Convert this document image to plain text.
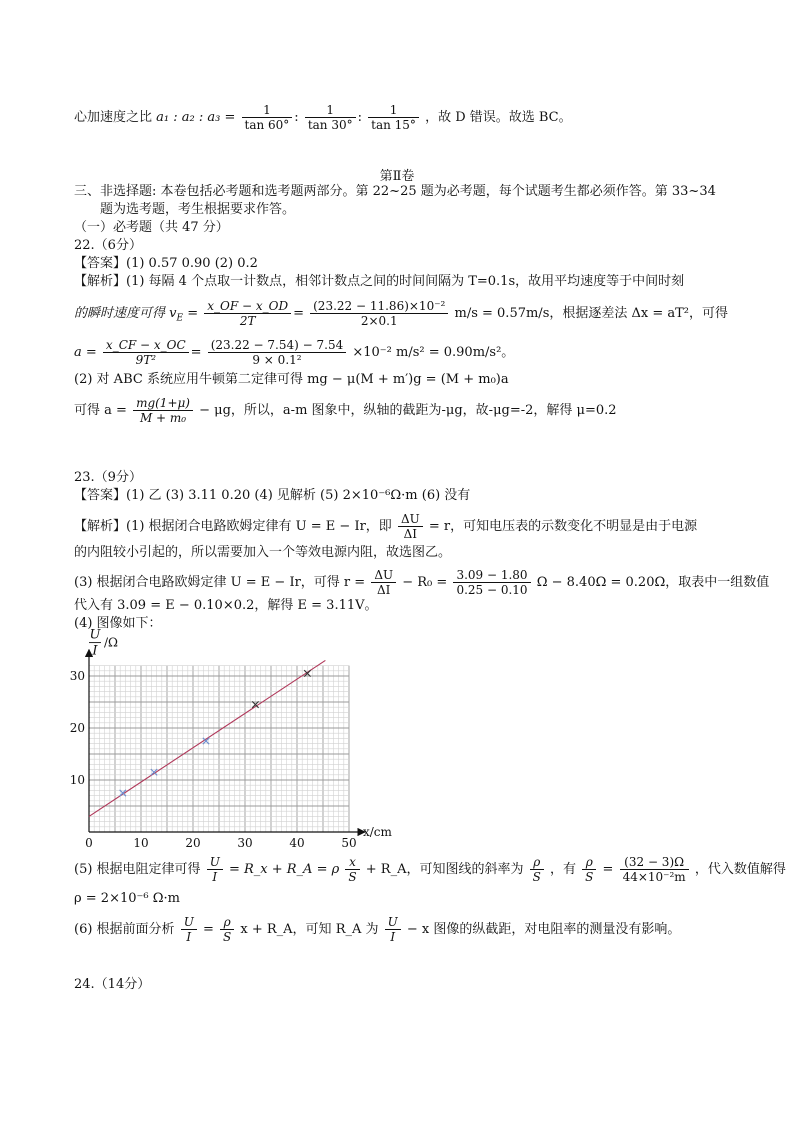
心加速度之比 a₁ : a₂ : $a_3 = \frac{1}{\tan 60^\circ}$ : $\frac{1}{\tan 30^\circ}$ : $\frac{1}{\tan 15^\circ}$ ，故 D 错误。故选 BC。
第Ⅱ卷
三、非选择题: 本卷包括必考题和选考题两部分。第 22~25 题为必考题，每个试题考生都必须作答。第 33~34
题为选考题，考生根据要求作答。
（一）必考题（共 47 分）
22.（6分）
【答案】(1) 0.57 0.90 (2) 0.2
【解析】(1) 每隔 4 个点取一计数点，相邻计数点之间的时间间隔为 T=0.1s，故用平均速度等于中间时刻
的瞬时速度可得 $v_E = \frac{x\_OF - x\_OD}{2T} = \frac{\text{(23.22 − 11.86)×10⁻²}}{2\times 0.1} m/s = 0.57m/s$，根据逐差法 Δx = aT²，可得
$a = \frac{x\_CF - x\_OC}{\text{9T²}} = \frac{(23.22 - 7.54) - 7.54}{\text{9 × 0.1²}} \times 10^{-2}$ m/s² = 0.90m/s²。
(2) 对 ABC 系统应用牛顿第二定律可得 mg − μ(M + m′)g = (M + m₀)a
可得 $a = \frac{mg(1+\mu)}{\text{M + m₀}} - \mu g$，所以，a-m 图象中，纵轴的截距为-μg，故-μg=-2，解得 μ=0.2
23.（9分）
【答案】(1) 乙 (3) 3.11 0.20 (4) 见解析 (5) 2×10⁻⁶Ω·m (6) 没有
【解析】(1) 根据闭合电路欧姆定律有 U = E − Ir，即 $\frac{\Delta U}{\Delta I} = r$，可知电压表的示数变化不明显是由于电源
的内阻较小引起的，所以需要加入一个等效电源内阻，故选图乙。
(3) 根据闭合电路欧姆定律 U = E − Ir，可得 $r = \frac{\Delta U}{\Delta I} - R_0 = \frac{3.09 - 1.80}{0.25 - 0.10}$ Ω − 8.40Ω = 0.20Ω，取表中一组数值
代入有 3.09 = E − 0.10×0.2，解得 E = 3.11V。
(4) 图像如下：
10	20	30	40	50
10
20
30
0
U
I
/Ω
x/cm
(5) 根据电阻定律可得 $\frac{U}{I}$ = R_x + R_A = ρ $\frac{x}{S}$ + R_A，可知图线的斜率为 $\frac{\rho}{S}$ ，有 $\frac{\rho}{S} = \frac{(32 - 3)\Omega}{\text{44×10⁻²m}}$ ，代入数值解得
ρ = 2×10⁻⁶ Ω·m
(6) 根据前面分析 $\frac{U}{I} = \frac{\rho}{S}$ x + R_A，可知 R_A 为 $\frac{U}{I} - x$ 图像的纵截距，对电阻率的测量没有影响。
24.（14分）
